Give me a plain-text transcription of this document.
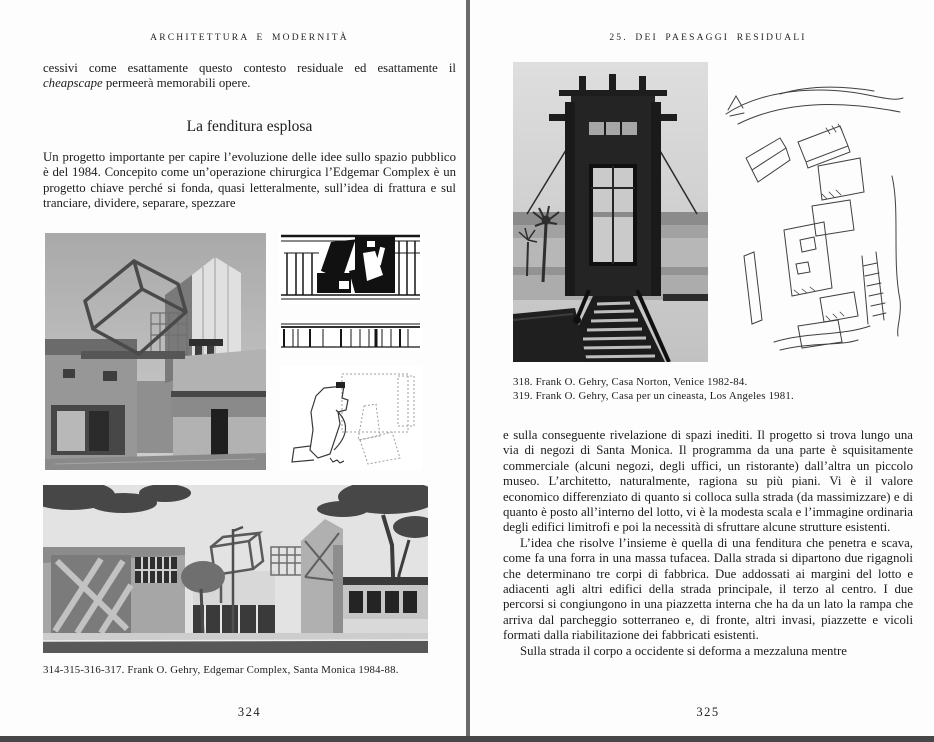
ARCHITETTURA E MODERNITÀ

cessivi come esattamente questo contesto residuale ed esattamente il cheapscape permeerà memorabili opere.

La fenditura esplosa

Un progetto importante per capire l’evoluzione delle idee sullo spazio pubblico è del 1984. Concepito come un’operazione chirurgica l’Edgemar Complex è un progetto chiave perché si fonda, quasi letteralmente, sull’idea di frattura e sul tranciare, dividere, separare, spezzare

314-315-316-317. Frank O. Gehry, Edgemar Complex, Santa Monica 1984-88.
324
25. DEI PAESAGGI RESIDUALI
318. Frank O. Gehry, Casa Norton, Venice 1982-84.
319. Frank O. Gehry, Casa per un cineasta, Los Angeles 1981.

e sulla conseguente rivelazione di spazi inediti. Il progetto si trova lungo una via di negozi di Santa Monica. Il programma da una parte è squisitamente commerciale (alcuni negozi, degli uffici, un ristorante) dall’altra un piccolo museo. L’architetto, naturalmente, ragiona su più piani. Vi è il valore economico differenziato di quanto si colloca sulla strada (da massimizzare) e di quanto è posto all’interno del lotto, vi è la modesta scala e l’immagine ordinaria degli edifici limitrofi e poi la necessità di sfruttare alcune strutture esistenti.

L’idea che risolve l’insieme è quella di una fenditura che penetra e scava, come fa una forra in una massa tufacea. Dalla strada si dipartono due rigagnoli che determinano tre corpi di fabbrica. Due addossati ai margini del lotto e adiacenti agli altri edifici della strada principale, il terzo al centro. I due percorsi si congiungono in una piazzetta interna che ha da un lato la rampa che arriva dal parcheggio sotterraneo e, di fronte, altri invasi, piazzette e vicoli formati dalla riabilitazione dei fabbricati esistenti.

Sulla strada il corpo a occidente si deforma a mezzaluna mentre

325
